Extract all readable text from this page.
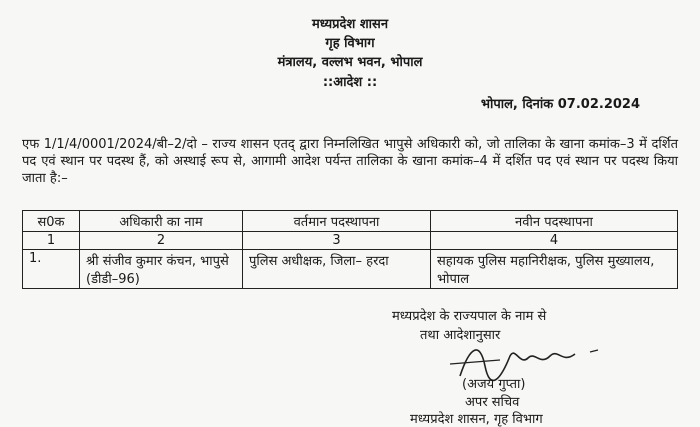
मध्यप्रदेश शासन
गृह विभाग
मंत्रालय, वल्लभ भवन, भोपाल
::आदेश ::
भोपाल, दिनांक 07.02.2024
एफ 1/1/4/0001/2024/बी–2/दो – राज्य शासन एतद् द्वारा निम्नलिखित भापुसे अधिकारी को, जो तालिका के खाना कमांक–3 में दर्शित पद एवं स्थान पर पदस्थ हैं, को अस्थाई रूप से, आगामी आदेश पर्यन्त तालिका के खाना कमांक–4 में दर्शित पद एवं स्थान पर पदस्थ किया जाता है:–
स0क	अधिकारी का नाम	वर्तमान पदस्थापना	नवीन पदस्थापना
1	2	3	4
1.	श्री संजीव कुमार कंचन, भापुसे (डीडी–96)	पुलिस अधीक्षक, जिला– हरदा	सहायक पुलिस महानिरीक्षक, पुलिस मुख्यालय, भोपाल
मध्यप्रदेश के राज्यपाल के नाम से
तथा आदेशानुसार
(अजय गुप्ता)
अपर सचिव
मध्यप्रदेश शासन, गृह विभाग
